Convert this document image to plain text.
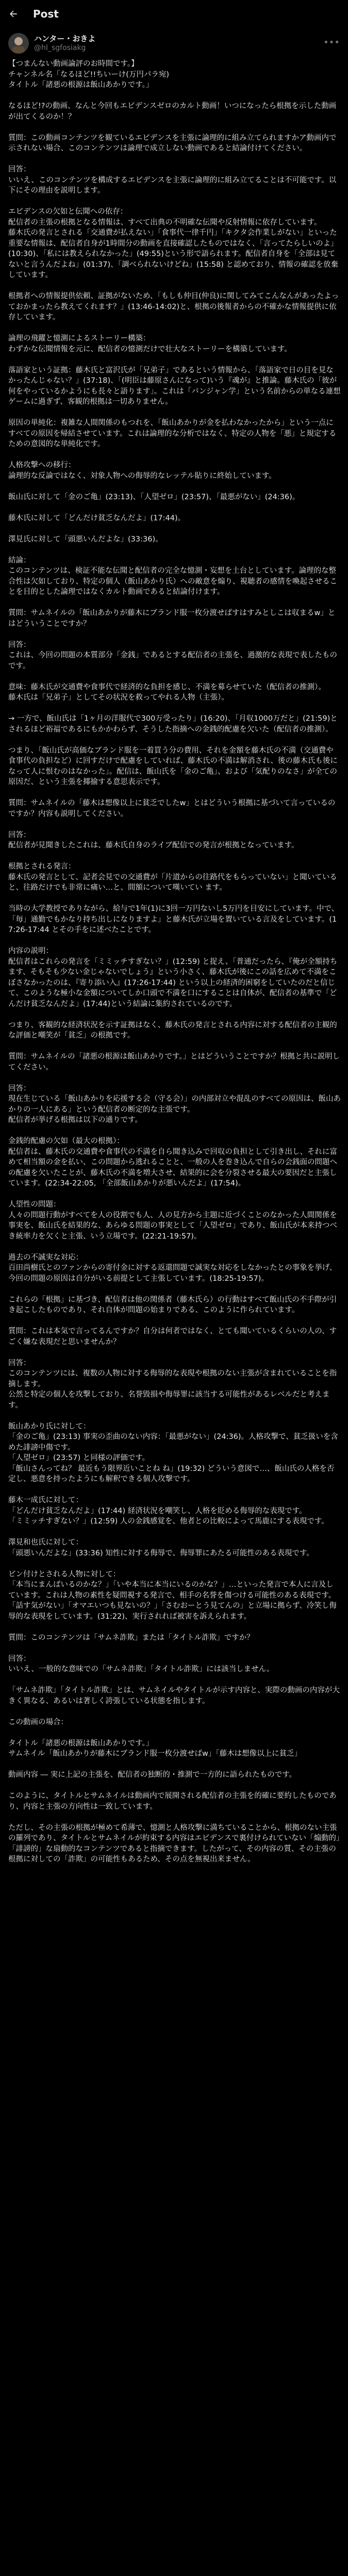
Post
ハンター・おきよ
@hI_sgfosiakg	•••

【つまんない動画論評のお時間です。】
チャンネル名「なるほど!!ちいーけ(万円パラ宛)
タイトル「諸悪の根源は飯山あかりです。」

なるほど!?の動画、なんと今回もエビデンスゼロのカルト動画！いつになったら根拠を示した動画が出てくるのか！？

質問：この動画コンテンツを観ているエビデンスを主張に論理的に組み立てられますかア動画内で示されない場合、このコンテンツは論理で成立しない動画であると結論付けてください。

回答：
いいえ、このコンテンツを構成するエビデンスを主張に論理的に組み立てることは不可能です。以下にその理由を説明します。

エビデンスの欠如と伝聞への依存：
配信者の主張の根拠となる情報は、すべて出典の不明確な伝聞や反射情報に依存しています。
藤木氏の発言とされる「交通費が払えない」「食事代一律千円」「キクタ会作業しがない」といった重要な情報は、配信者自身が1時間分の動画を直接確認したものではなく、「言ってたらしいのよ」(10:30)、「私には教えられなかった」(49:55)という形で語られます。配信者自身を「全部は見てないと言うんだよね」(01:37)、「調べられないけどね」(15:58) と認めており、情報の確認を放棄しています。

根拠者への情報提供依頼、証拠がないため、「もしも仲目(仲良)に関してみてこんなんがあったよっておかまったら教えてくれます？」(13:46-14:02)と、根拠の後報者からの不確かな情報提供に依存しています。

論理の飛躍と憶測によるストーリー構築：
わずかな伝聞情報を元に、配信者の憶測だけで壮大なストーリーを構築しています。

落語家という証拠：藤木氏と富沢氏が「兄弟子」であるという情報から、「落語家で日の目を見なかったんじゃない？」(37:18)、「(明臣は藤原さんになって)いう『魂が』と推論。藤木氏の「彼が何をやっているかようにも長々と語ります」。これは「バンジャン学」という名前からの単なる連想ゲームに過ぎず、客観的根拠は一切ありません。

原因の単純化：複雑な人間関係のもつれを、「飯山あかりが金を払わなかったから」という一点にすべての原因を帰結させています。これは論理的な分析ではなく、特定の人物を「悪」と規定するための意図的な単純化です。

人格攻撃への移行：
論理的な反論ではなく、対象人物への侮辱的なレッテル貼りに終始しています。

飯山氏に対して「金のご亀」(23:13)、「人望ゼロ」(23:57)、「最悪がない」(24:36)。

藤木氏に対して「どんだけ貧乏なんだよ」(17:44)。

澤見氏に対して「頭悪いんだよな」(33:36)。

結論：
このコンテンツは、検証不能な伝聞と配信者の完全な憶測・妄想を土台としています。論理的な整合性は欠如しており、特定の個人（飯山あかり氏）への敵意を煽り、視聴者の感情を喚起させることを目的とした論理ではなくカルト動画であると結論付けます。

質問：サムネイルの「飯山あかりが藤木にブランド服一枚分渡せばすはすみとしこは収まるw」とはどういうことですか？

回答：
これは、今回の問題の本質部分「金銭」であるとする配信者の主張を、過激的な表現で表したものです。

意味：藤木氏が交通費や食事代で経済的な負担を感じ、不満を募らせていた（配信者の推測）。
藤木氏は「兄弟子」としてその状況を救ってやれる人物（主張）。

→ 一方で、飯山氏は「1ヶ月の洋服代で300万受ったり」(16:20)、「月収1000万だと」(21:59)とされるほど裕福であるにもかかわらず、そうした指摘への金銭的配慮を欠いた（配信者の推測）。

つまり、「飯山氏が高価なブランド服を一着買う分の費用、それを金額を藤木氏の不満（交通費や食事代の負担など）に回すだけで配慮をしていれば、藤木氏の不満は解消され、後の藤木氏も後になって人に恨むのはなかった」。配信は、飯山氏を「金のご亀」、および「気配りのなさ」が全ての原因だ、という主張を揶揄する意思表示です。

質問：サムネイルの「藤木は想像以上に貧乏でしたw」とはどういう根拠に基づいて言っているのですか？内容も説明してください。

回答：
配信者が見聞きしたこれは、藤木氏自身のライブ配信での発言が根拠となっています。

根拠とされる発言：
藤木氏の発言として、記者会見での交通費が「片道からの往路代をもらっていない」と聞いていると、往路だけでも非常に痛い…と、間額について嘆いてい ます。

当時の大学教授でありながら、給与で1年(1)に3回一万円ないし5万円を目安にしています。中で、「毎」通勤でもかなり持ち出しになりますよ」と藤木氏が立場を置いている言及をしています。(17:26-17:44 とその手をに述べたことです。

内容の説明：
配信者はこれらの発言を「ミミッチすぎない？」(12:59) と捉え、「普通だったら、『俺が全額持ちます、そもそも少ない金じゃないでしょう』という小さく、藤木氏が後にこの話を広めて不満をこぼさなかったのは、『寄り添い入』(17:26-17:44) という以上の経済的困窮をしていたのだと信じて、このような極小な金額についてしか口頭で不満を口にすることは自体が、配信者の基準で「どんだけ貧乏なんだよ」(17:44)という結論に集約されているのです。

つまり、客観的な経済状況を示す証拠はなく、藤木氏の発言とされる内容に対する配信者の主観的な評価と嘲笑が「貧乏」の根拠です。

質問：サムネイルの「諸悪の根源は飯山あかりです。」とはどういうことですか？根拠と共に説明してください。

回答：
現在生じている「飯山あかりを応援する会（守る会）」の内部対立や混乱のすべての原因は、飯山あかりの一人にある」という配信者の断定的な主張です。
配信者が挙げる根拠は以下の通りです。

金銭的配慮の欠如（最大の根拠）：
配信者は、藤木氏の交通費や食事代の不満を自ら聞き込みで回収の負担として引き出し、それに富めて相当額の金を払い、この問題から逃れることと、一般の人を巻き込んで自らの会銭面の問題への配慮を欠いたことが、藤木氏の不満を増大させ、結果的に会を分裂させる最大の要因だと主張しています。(22:34-22:05, 「全部飯山あかりが悪いんだよ」(17:54)。

人望性の問題：
人々の問題行動がすべてを人の役割でも人、人の見方から主題に近づくことのなかった人間関係を事実を、飯山氏を結果的な、あらゆる問題の事実として「人望ゼロ」であり、飯山氏が本来持つべき統率力を欠くと主張、いう立場です。(22:21-19:57)。

過去の不誠実な対応：
百田尚樹氏とのファンからの寄付金に対する返還問題で誠実な対応をしなかったとの事象を挙げ、今回の問題の原因は自分がいる前提として主張しています。(18:25-19:57)。

これらの「根拠」に基づき、配信者は他の関係者（藤木氏ら）の行動はすべて飯山氏の不手際が引き起こしたものであり、それ自体が問題の始まりである、このように作られています。

質問：これは本気で言ってるんですか？自分は何者ではなく、とても聞いているくらいの人の、すごく嫌な表現だと思いませんか？

回答：
このコンテンツには、複数の人物に対する侮辱的な表現や根拠のない主張が含まれていることを指摘します。
公然と特定の個人を攻撃しており、名誉毀損や侮辱罪に該当する可能性があるレベルだと考えます。

飯山あかり氏に対して：
「金のご亀」(23:13) 事実の歪曲のない内容：「最悪がない」(24:36)。人格攻撃で、貧乏扱いを含めた誹謗中傷です。
「人望ゼロ」(23:57) と同様の評価です。
「飯山さんってね？ 最近もう限界近いことね ね」(19:32) どういう意図で…、飯山氏の人格を否定し、悪意を持ったようにも解釈できる個人攻撃です。

藤木一成氏に対して：
「どんだけ貧乏なんだよ」(17:44) 経済状況を嘲笑し、人格を貶める侮辱的な表現です。
「ミミッチすぎない？」(12:59) 人の金銭感覚を、他者との比較によって馬鹿にする表現です。

澤見和也氏に対して：
「頭悪いんだよな」(33:36) 知性に対する侮辱で、侮辱罪にあたる可能性のある表現です。

ビン付けとされる人物に対して：
「本当にまんばいるのかな？」「いや本当に本当にいるのかな？」…といった発言で本人に言及しています。これは人物の素性を疑問視する発言で、相手の名誉を傷つける可能性のある表現です。
「話す気がない」「オマエいつも見ないの？」「さむおーとう見てんの」と立場に拠らず、冷笑し侮辱的な表現をしています。(31:22)、実行されれば被害を訴えられます。

質問：このコンテンツは「サムネ詐欺」または「タイトル詐欺」ですか？

回答：
いいえ、一般的な意味での「サムネ詐欺」「タイトル詐欺」には該当しません。

「サムネ詐欺」「タイトル詐欺」とは、サムネイルやタイトルが示す内容と、実際の動画の内容が大きく異なる、あるいは著しく誇張している状態を指します。

この動画の場合：

タイトル「諸悪の根源は飯山あかりです。」
サムネイル「飯山あかりが藤木にブランド服一枚分渡せばw」「藤木は想像以上に貧乏」

動画内容 ― 実に上記の主張を、配信者の独断的・推測で一方的に語られたものです。

このように、タイトルとサムネイルは動画内で展開される配信者の主張を的確に要約したものであり、内容と主張の方向性は一致しています。

ただし、その主張の根拠が極めて希薄で、憶測と人格攻撃に満ちていることから、根拠のない主張の羅列であり、タイトルとサムネイルが約束する内容はエビデンスで裏付けられていない「煽動的」「誹謗的」な扇動的なコンテンツであると指摘できます。したがって、その内容の質、その主張の根拠に対しての「詐欺」の可能性もあるため、その点を無視出来ません。
